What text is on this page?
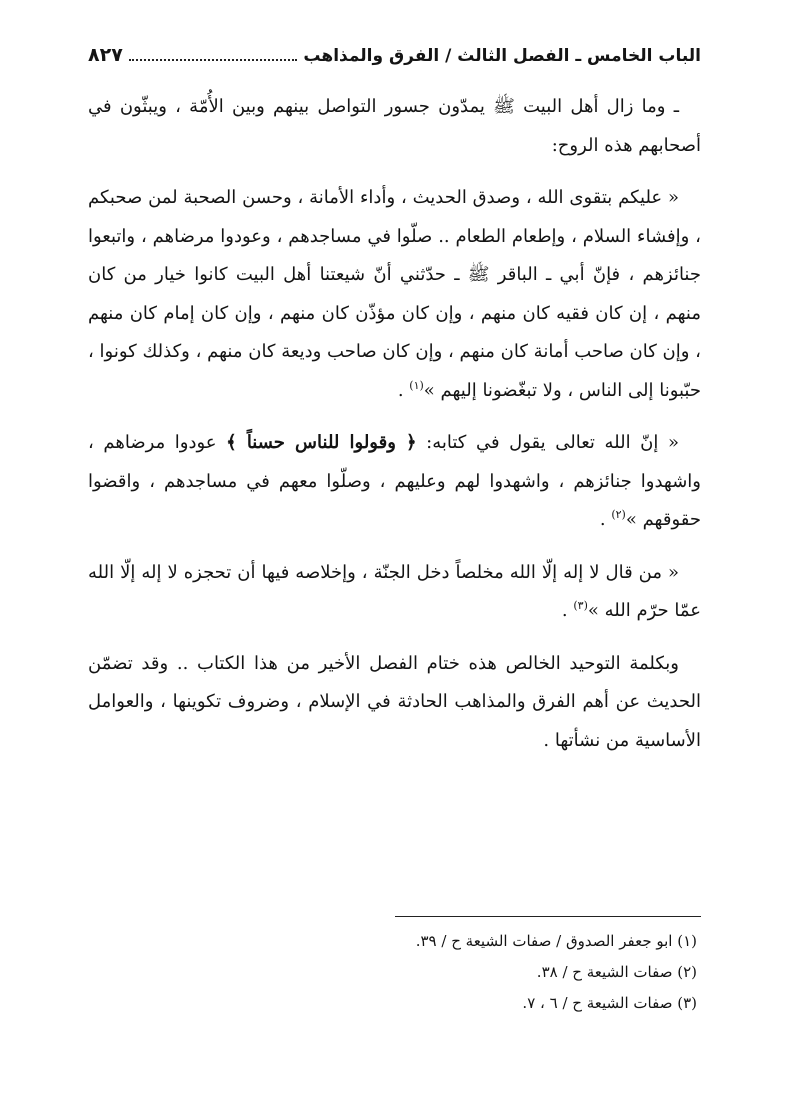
الباب الخامس ـ الفصل الثالث / الفرق والمذاهب
٨٢٧

ـ وما زال أهل البيت ﷺ يمدّون جسور التواصل بينهم وبين الأُمّة ، ويبثّون في أصحابهم هذه الروح:

« عليكم بتقوى الله ، وصدق الحديث ، وأداء الأمانة ، وحسن الصحبة لمن صحبكم ، وإفشاء السلام ، وإطعام الطعام .. صلّوا في مساجدهم ، وعودوا مرضاهم ، واتبعوا جنائزهم ، فإنّ أبي ـ الباقر ﷺ ـ حدّثني أنّ شيعتنا أهل البيت كانوا خيار من كان منهم ، إن كان فقيه كان منهم ، وإن كان مؤذّن كان منهم ، وإن كان إمام كان منهم ، وإن كان صاحب أمانة كان منهم ، وإن كان صاحب وديعة كان منهم ، وكذلك كونوا ، حبّبونا إلى الناس ، ولا تبغّضونا إليهم »$^{(١)}$ .

« إنّ الله تعالى يقول في كتابه: ﴿ وقولوا للناس حسناً ﴾ عودوا مرضاهم ، واشهدوا جنائزهم ، واشهدوا لهم وعليهم ، وصلّوا معهم في مساجدهم ، واقضوا حقوقهم »$^{(٢)}$ .

« من قال لا إله إلّا الله مخلصاً دخل الجنّة ، وإخلاصه فيها أن تحجزه لا إله إلّا الله عمّا حرّم الله »$^{(٣)}$ .

وبكلمة التوحيد الخالص هذه ختام الفصل الأخير من هذا الكتاب .. وقد تضمّن الحديث عن أهم الفرق والمذاهب الحادثة في الإسلام ، وضروف تكوينها ، والعوامل الأساسية من نشأتها .

(١) ابو جعفر الصدوق / صفات الشيعة ح / ٣٩.

(٢) صفات الشيعة ح / ٣٨.

(٣) صفات الشيعة ح / ٦ ، ٧.
